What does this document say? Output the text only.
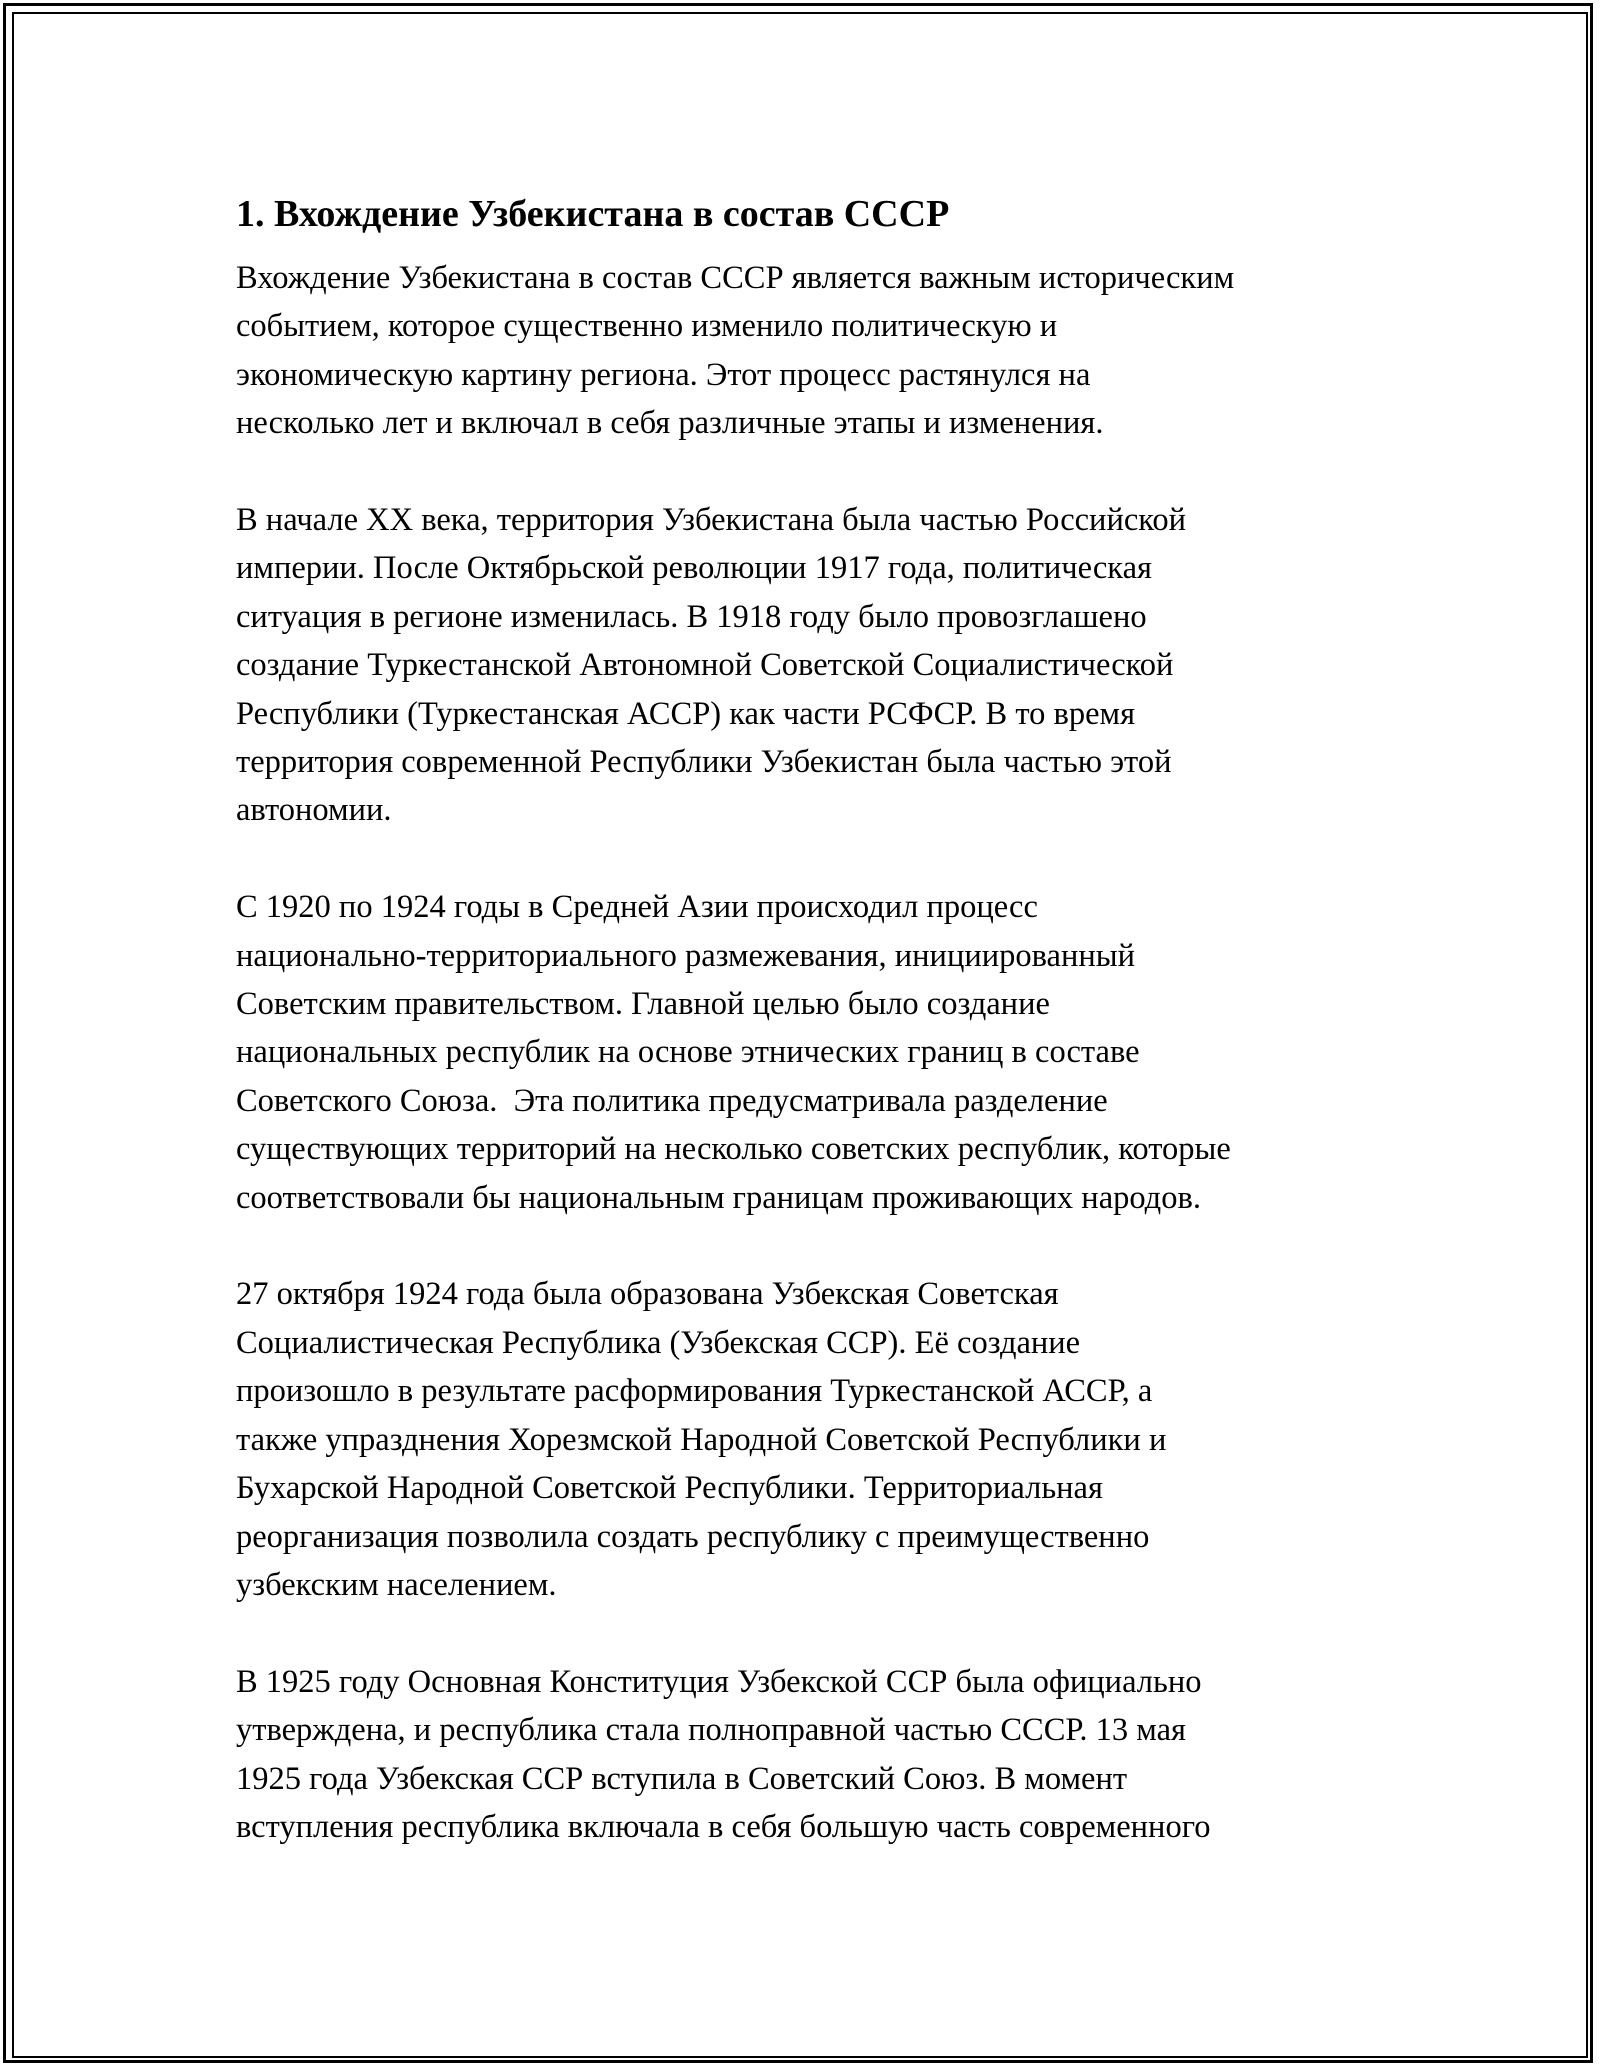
1. Вхождение Узбекистана в состав СССР

Вхождение Узбекистана в состав СССР является важным историческим
событием, которое существенно изменило политическую и
экономическую картину региона. Этот процесс растянулся на
несколько лет и включал в себя различные этапы и изменения.

В начале XX века, территория Узбекистана была частью Российской
империи. После Октябрьской революции 1917 года, политическая
ситуация в регионе изменилась. В 1918 году было провозглашено
создание Туркестанской Автономной Советской Социалистической
Республики (Туркестанская АССР) как части РСФСР. В то время
территория современной Республики Узбекистан была частью этой
автономии.

С 1920 по 1924 годы в Средней Азии происходил процесс
национально-территориального размежевания, инициированный
Советским правительством. Главной целью было создание
национальных республик на основе этнических границ в составе
Советского Союза.  Эта политика предусматривала разделение
существующих территорий на несколько советских республик, которые
соответствовали бы национальным границам проживающих народов.

27 октября 1924 года была образована Узбекская Советская
Социалистическая Республика (Узбекская ССР). Её создание
произошло в результате расформирования Туркестанской АССР, а
также упразднения Хорезмской Народной Советской Республики и
Бухарской Народной Советской Республики. Территориальная
реорганизация позволила создать республику с преимущественно
узбекским населением.

В 1925 году Основная Конституция Узбекской ССР была официально
утверждена, и республика стала полноправной частью СССР. 13 мая
1925 года Узбекская ССР вступила в Советский Союз. В момент
вступления республика включала в себя большую часть современного
